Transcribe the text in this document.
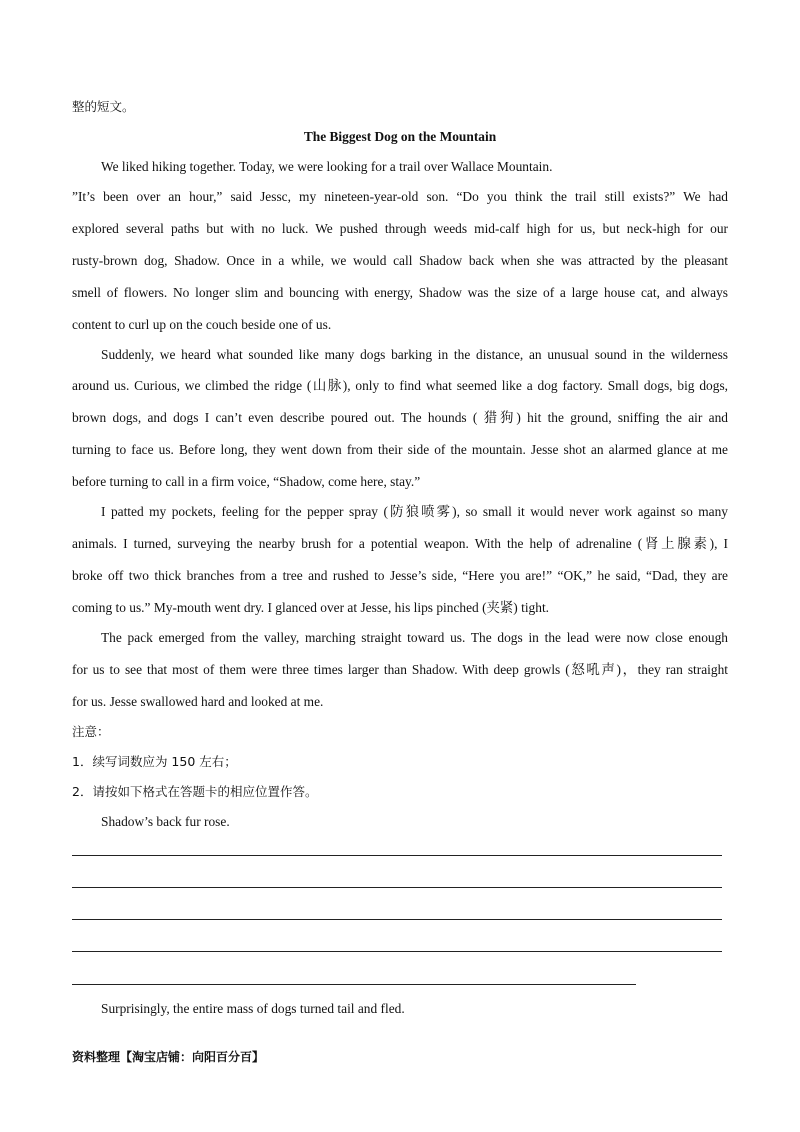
整的短文。
The Biggest Dog on the Mountain
We liked hiking together. Today, we were looking for a trail over Wallace Mountain.
”It’s been over an hour,” said Jessc, my nineteen-year-old son. “Do you think the trail still exists?” We had
explored several paths but with no luck. We pushed through weeds mid-calf high for us, but neck-high for our
rusty-brown dog, Shadow. Once in a while, we would call Shadow back when she was attracted by the pleasant
smell of flowers. No longer slim and bouncing with energy, Shadow was the size of a large house cat, and always
content to curl up on the couch beside one of us.
Suddenly, we heard what sounded like many dogs barking in the distance, an unusual sound in the wilderness
around us. Curious, we climbed the ridge (山脉), only to find what seemed like a dog factory. Small dogs, big dogs,
brown dogs, and dogs I can’t even describe poured out. The hounds ( 猎狗) hit the ground, sniffing the air and
turning to face us. Before long, they went down from their side of the mountain. Jesse shot an alarmed glance at me
before turning to call in a firm voice, “Shadow, come here, stay.”
I patted my pockets, feeling for the pepper spray (防狼喷雾), so small it would never work against so many
animals. I turned, surveying the nearby brush for a potential weapon. With the help of adrenaline (肾上腺素), I
broke off two thick branches from a tree and rushed to Jesse’s side, “Here you are!” “OK,” he said, “Dad, they are
coming to us.” My-mouth went dry. I glanced over at Jesse, his lips pinched (夹紧) tight.
The pack emerged from the valley, marching straight toward us. The dogs in the lead were now close enough
for us to see that most of them were three times larger than Shadow. With deep growls (怒吼声)，they ran straight
for us. Jesse swallowed hard and looked at me.
注意：
1．续写词数应为 150 左右；
2．请按如下格式在答题卡的相应位置作答。
Shadow’s back fur rose.
Surprisingly, the entire mass of dogs turned tail and fled.
资料整理【淘宝店铺：向阳百分百】
